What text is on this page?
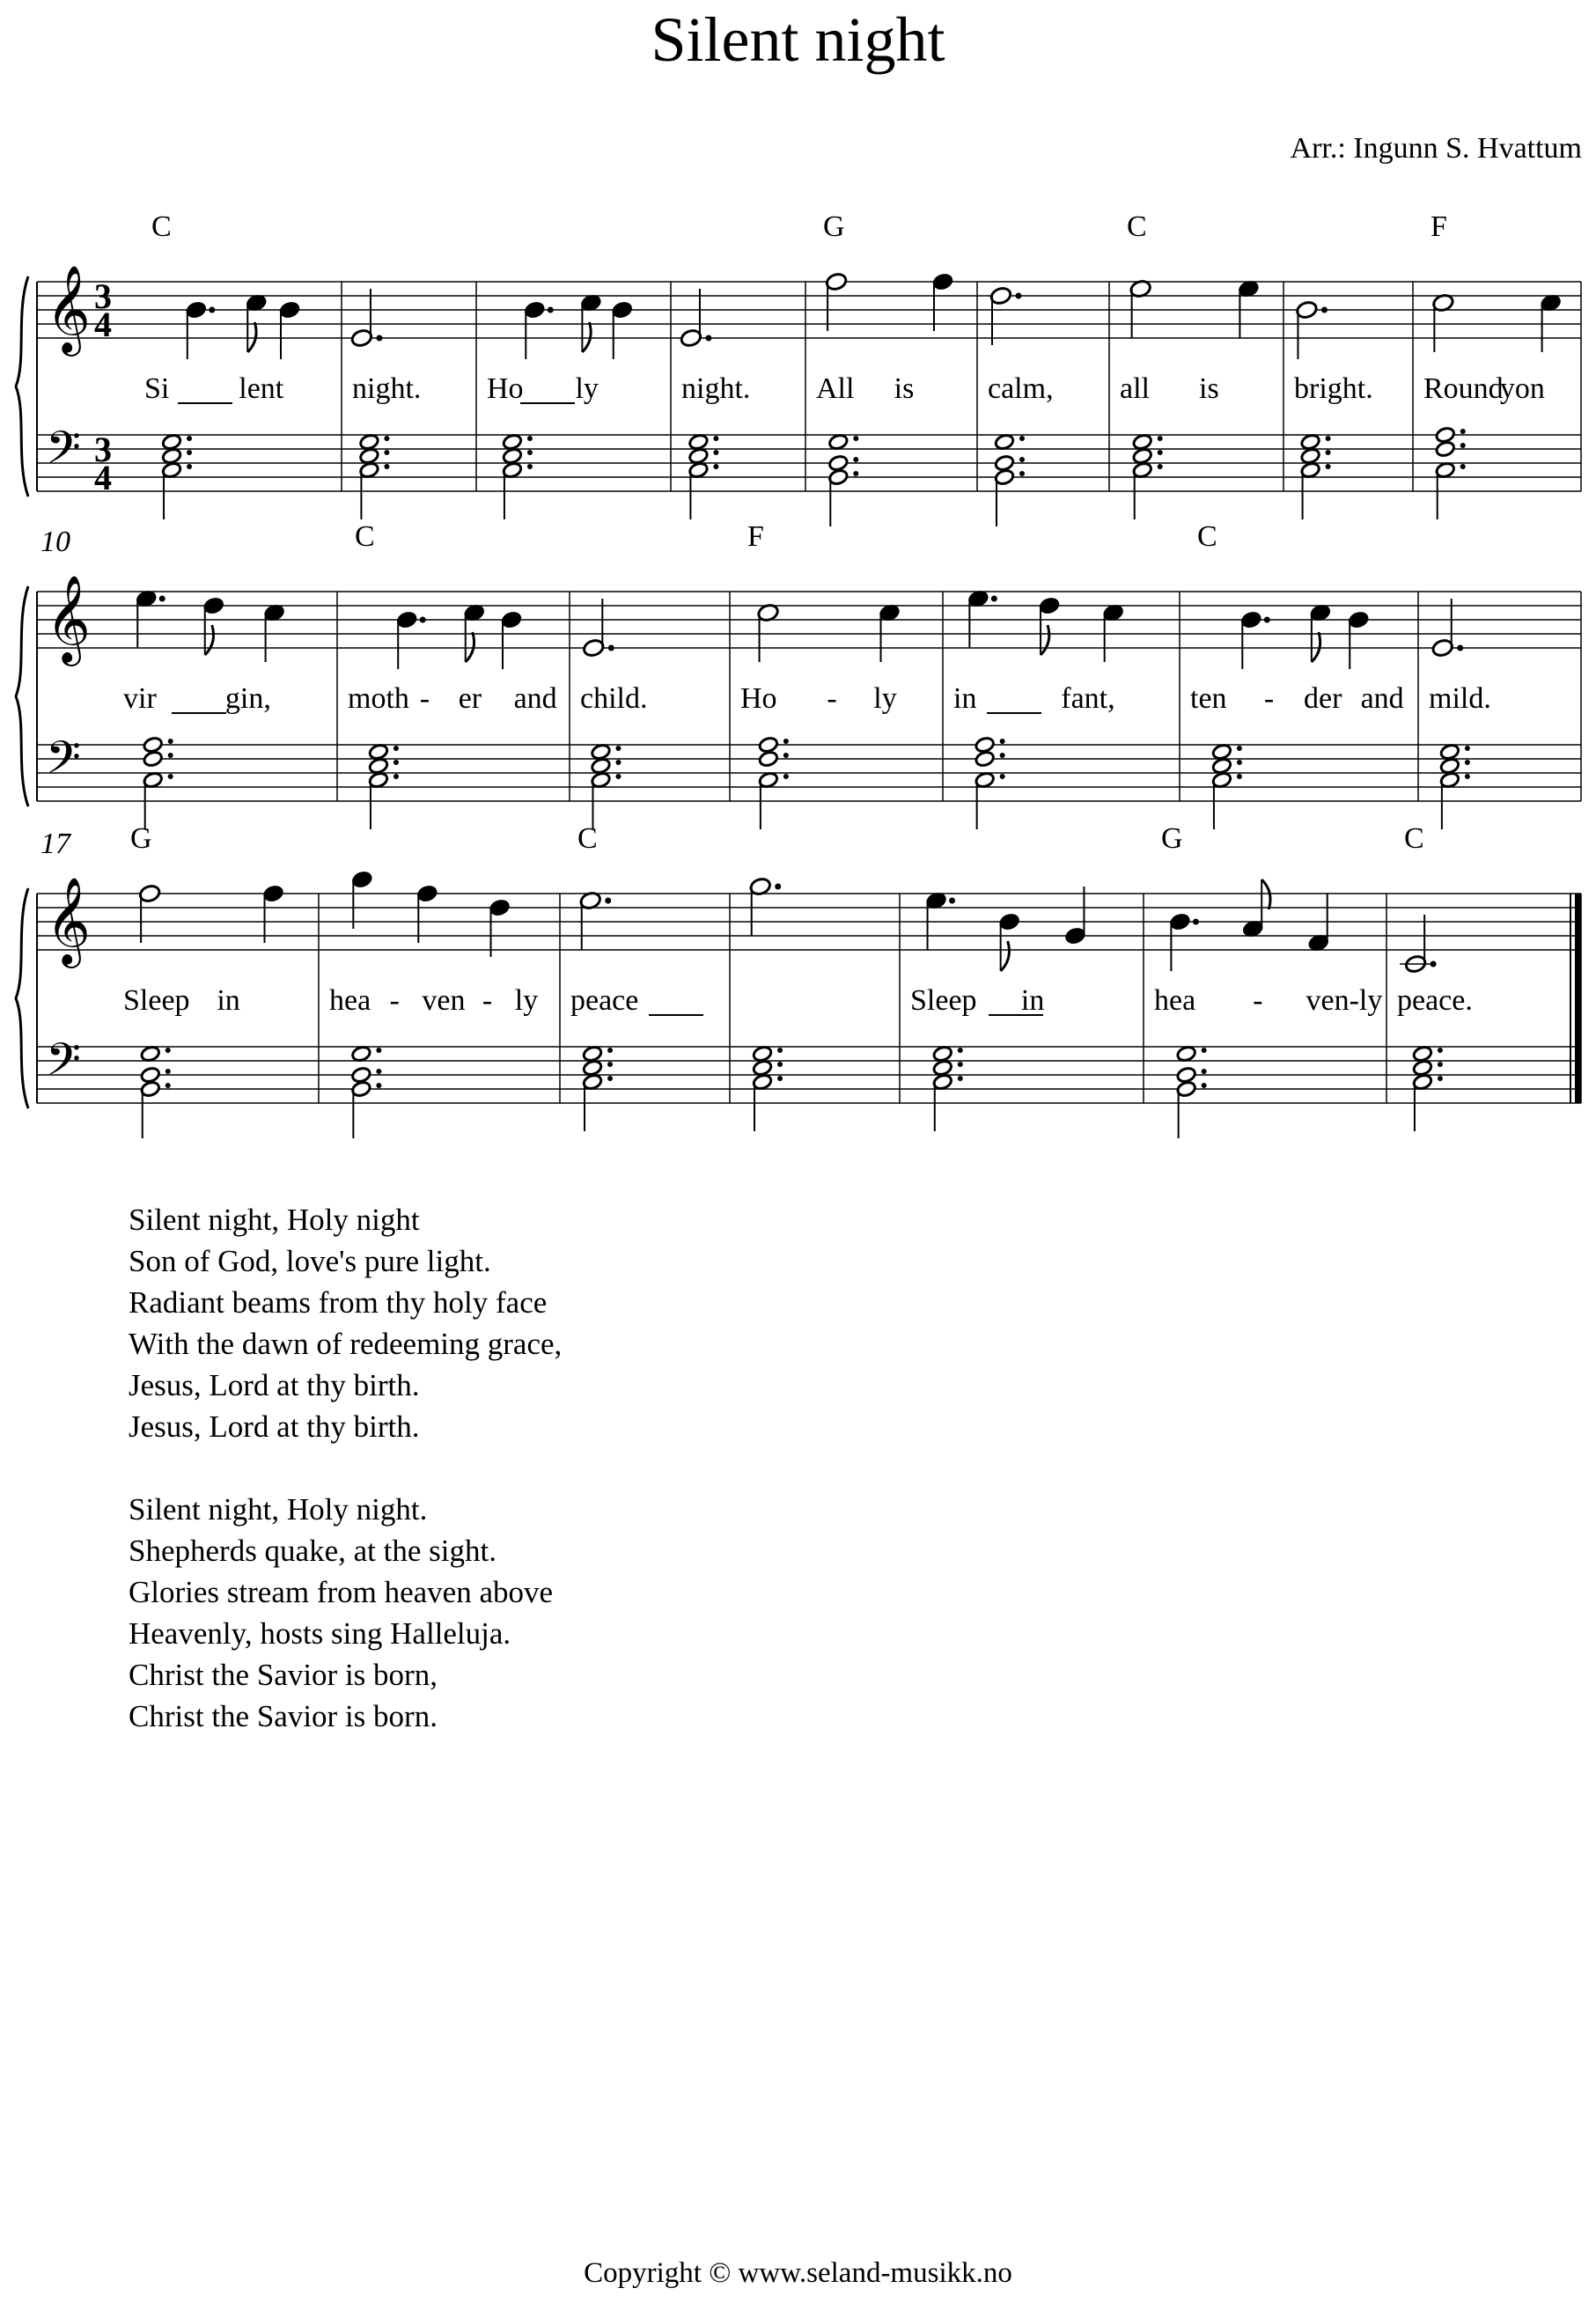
Silent night
Arr.: Ingunn S. Hvattum
𝄞
𝄢
3
4
3
4
C
Si lent night. Ho ly	night.
G
All is calm,
C
all is	bright.
F
Round
yon
𝄞
𝄢
10
vir gin,
C
moth - er and child.
F
Ho - ly in	fant,
C
ten - der and mild.
𝄞
𝄢
17 G
Sleep in	hea - ven - ly
C
peace	Sleep in
G
hea - ven-ly
C
peace.
Silent night, Holy night
Son of God, love's pure light.
Radiant beams from thy holy face
With the dawn of redeeming grace,
Jesus, Lord at thy birth.
Jesus, Lord at thy birth.
Silent night, Holy night.
Shepherds quake, at the sight.
Glories stream from heaven above
Heavenly, hosts sing Halleluja.
Christ the Savior is born,
Christ the Savior is born.
Copyright © www.seland-musikk.no
